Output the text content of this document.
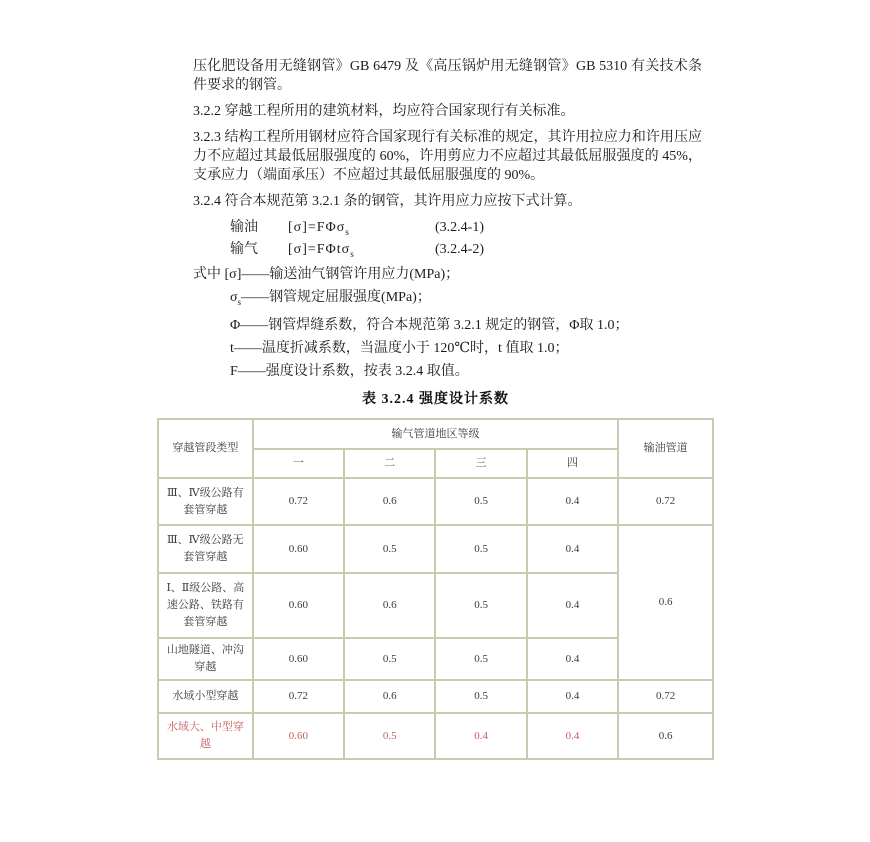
压化肥设备用无缝钢管》GB 6479 及《高压锅炉用无缝钢管》GB 5310 有关技术条件要求的钢管。

3.2.2 穿越工程所用的建筑材料，均应符合国家现行有关标准。

3.2.3 结构工程所用钢材应符合国家现行有关标准的规定，其许用拉应力和许用压应力不应超过其最低屈服强度的 60%，许用剪应力不应超过其最低屈服强度的 45%，支承应力（端面承压）不应超过其最低屈服强度的 90%。

3.2.4 符合本规范第 3.2.1 条的钢管，其许用应力应按下式计算。

输油 [σ]=FΦσ$_s$	(3.2.4-1)
输气 [σ]=FΦtσ$_s$	(3.2.4-2)

式中 [σ]——输送油气钢管许用应力(MPa)；

$\sigma_s——$钢管规定屈服强度(MPa)；

Φ——钢管焊缝系数，符合本规范第 3.2.1 规定的钢管，Φ取 1.0；

t——温度折减系数，当温度小于 120℃时，t 值取 1.0；

F——强度设计系数，按表 3.2.4 取值。

表 3.2.4 强度设计系数
穿越管段类型	输气管道地区等级				输油管道
	一	二	三	四	
Ⅲ、Ⅳ级公路有套管穿越	0.72	0.6	0.5	0.4	0.72
Ⅲ、Ⅳ级公路无套管穿越	0.60	0.5	0.5	0.4	0.6
Ⅰ、Ⅱ级公路、高速公路、铁路有套管穿越	0.60	0.6	0.5	0.4	
山地隧道、冲沟穿越	0.60	0.5	0.5	0.4	
水域小型穿越	0.72	0.6	0.5	0.4	0.72
水域大、中型穿越	0.60	0.5	0.4	0.4	0.6
